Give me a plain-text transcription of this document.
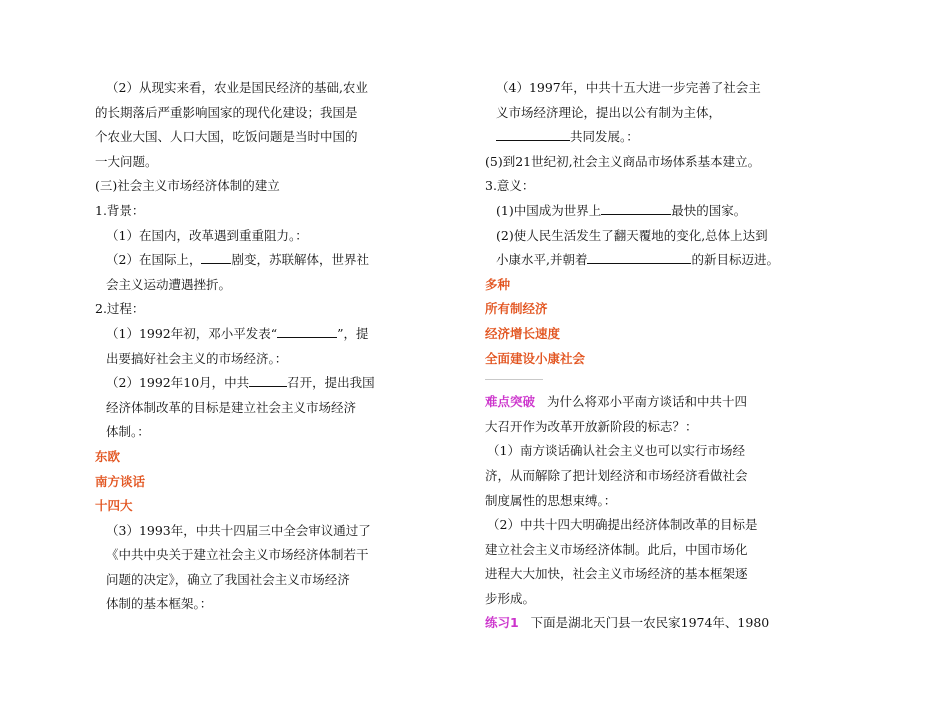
（2）从现实来看，农业是国民经济的基础,农业
的长期落后严重影响国家的现代化建设；我国是
个农业大国、人口大国，吃饭问题是当时中国的
一大问题。
(三)社会主义市场经济体制的建立
1.背景：
（1）在国内，改革遇到重重阻力。：
（2）在国际上， 剧变，苏联解体，世界社
会主义运动遭遇挫折。
2.过程：
（1）1992年初，邓小平发表“	”，提
出要搞好社会主义的市场经济。：
（2）1992年10月，中共	召开，提出我国
经济体制改革的目标是建立社会主义市场经济
体制。：
东欧
南方谈话
十四大
（3）1993年，中共十四届三中全会审议通过了
《中共中央关于建立社会主义市场经济体制若干
问题的决定》，确立了我国社会主义市场经济
体制的基本框架。：
（4）1997年，中共十五大进一步完善了社会主
义市场经济理论，提出以公有制为主体，
共同发展。：
(5)到21世纪初,社会主义商品市场体系基本建立。
3.意义：
(1)中国成为世界上	最快的国家。
(2)使人民生活发生了翻天覆地的变化,总体上达到
小康水平,并朝着	的新目标迈进。
多种
所有制经济
经济增长速度
全面建设小康社会
难点突破 为什么将邓小平南方谈话和中共十四
大召开作为改革开放新阶段的标志？：
（1）南方谈话确认社会主义也可以实行市场经
济，从而解除了把计划经济和市场经济看做社会
制度属性的思想束缚。：
（2）中共十四大明确提出经济体制改革的目标是
建立社会主义市场经济体制。此后，中国市场化
进程大大加快，社会主义市场经济的基本框架逐
步形成。
练习1 下面是湖北天门县一农民家1974年、1980
